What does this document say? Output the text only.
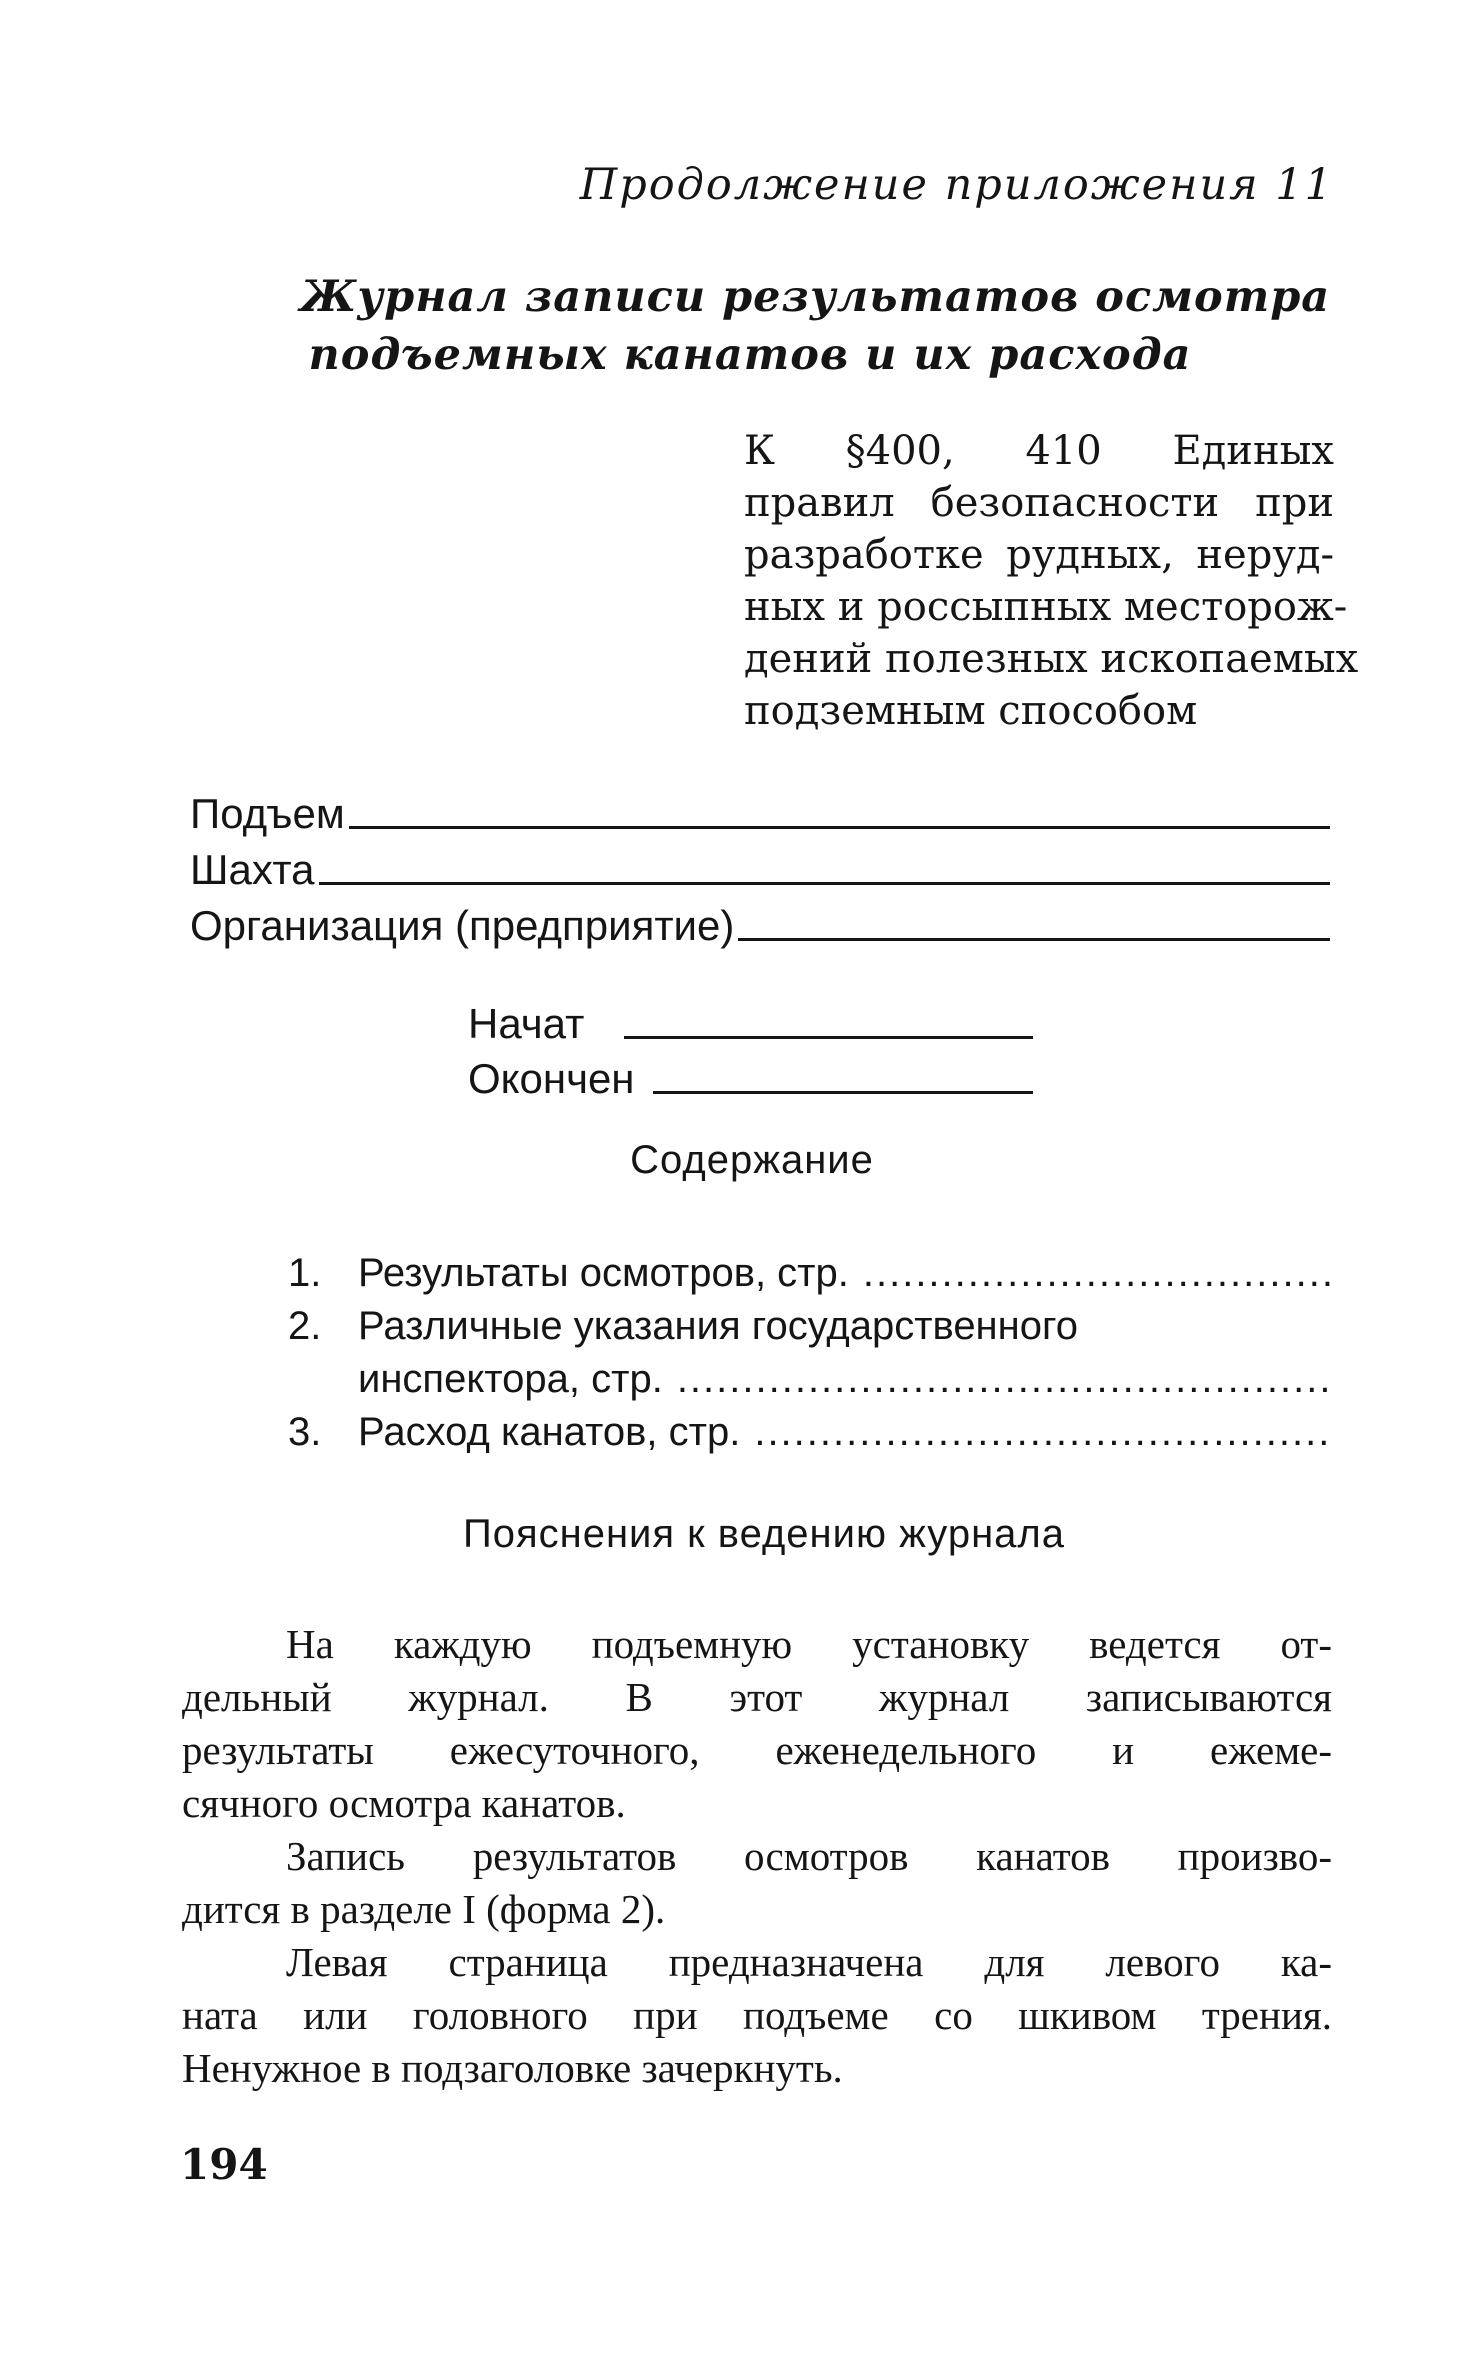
Продолжение приложения 11
Журнал записи результатов осмотра
подъемных канатов и их расхода
К §400, 410 Единых
правил безопасности при
разработке рудных, неруд-
ных и россыпных месторож-
дений полезных ископаемых
подземным способом
Подъем
Шахта
Организация (предприятие)
Начат
Окончен
Содержание
1. Результаты осмотров, стр.
.....
2. Различные указания государственного
инспектора, стр.
.....
3. Расход канатов, стр.
.....
Пояснения к ведению журнала
На каждую подъемную установку ведется от-
дельный журнал. В этот журнал записываются
результаты ежесуточного, еженедельного и ежеме-
сячного осмотра канатов.
Запись результатов осмотров канатов произво-
дится в разделе I (форма 2).
Левая страница предназначена для левого ка-
ната или головного при подъеме со шкивом трения.
Ненужное в подзаголовке зачеркнуть.
194
